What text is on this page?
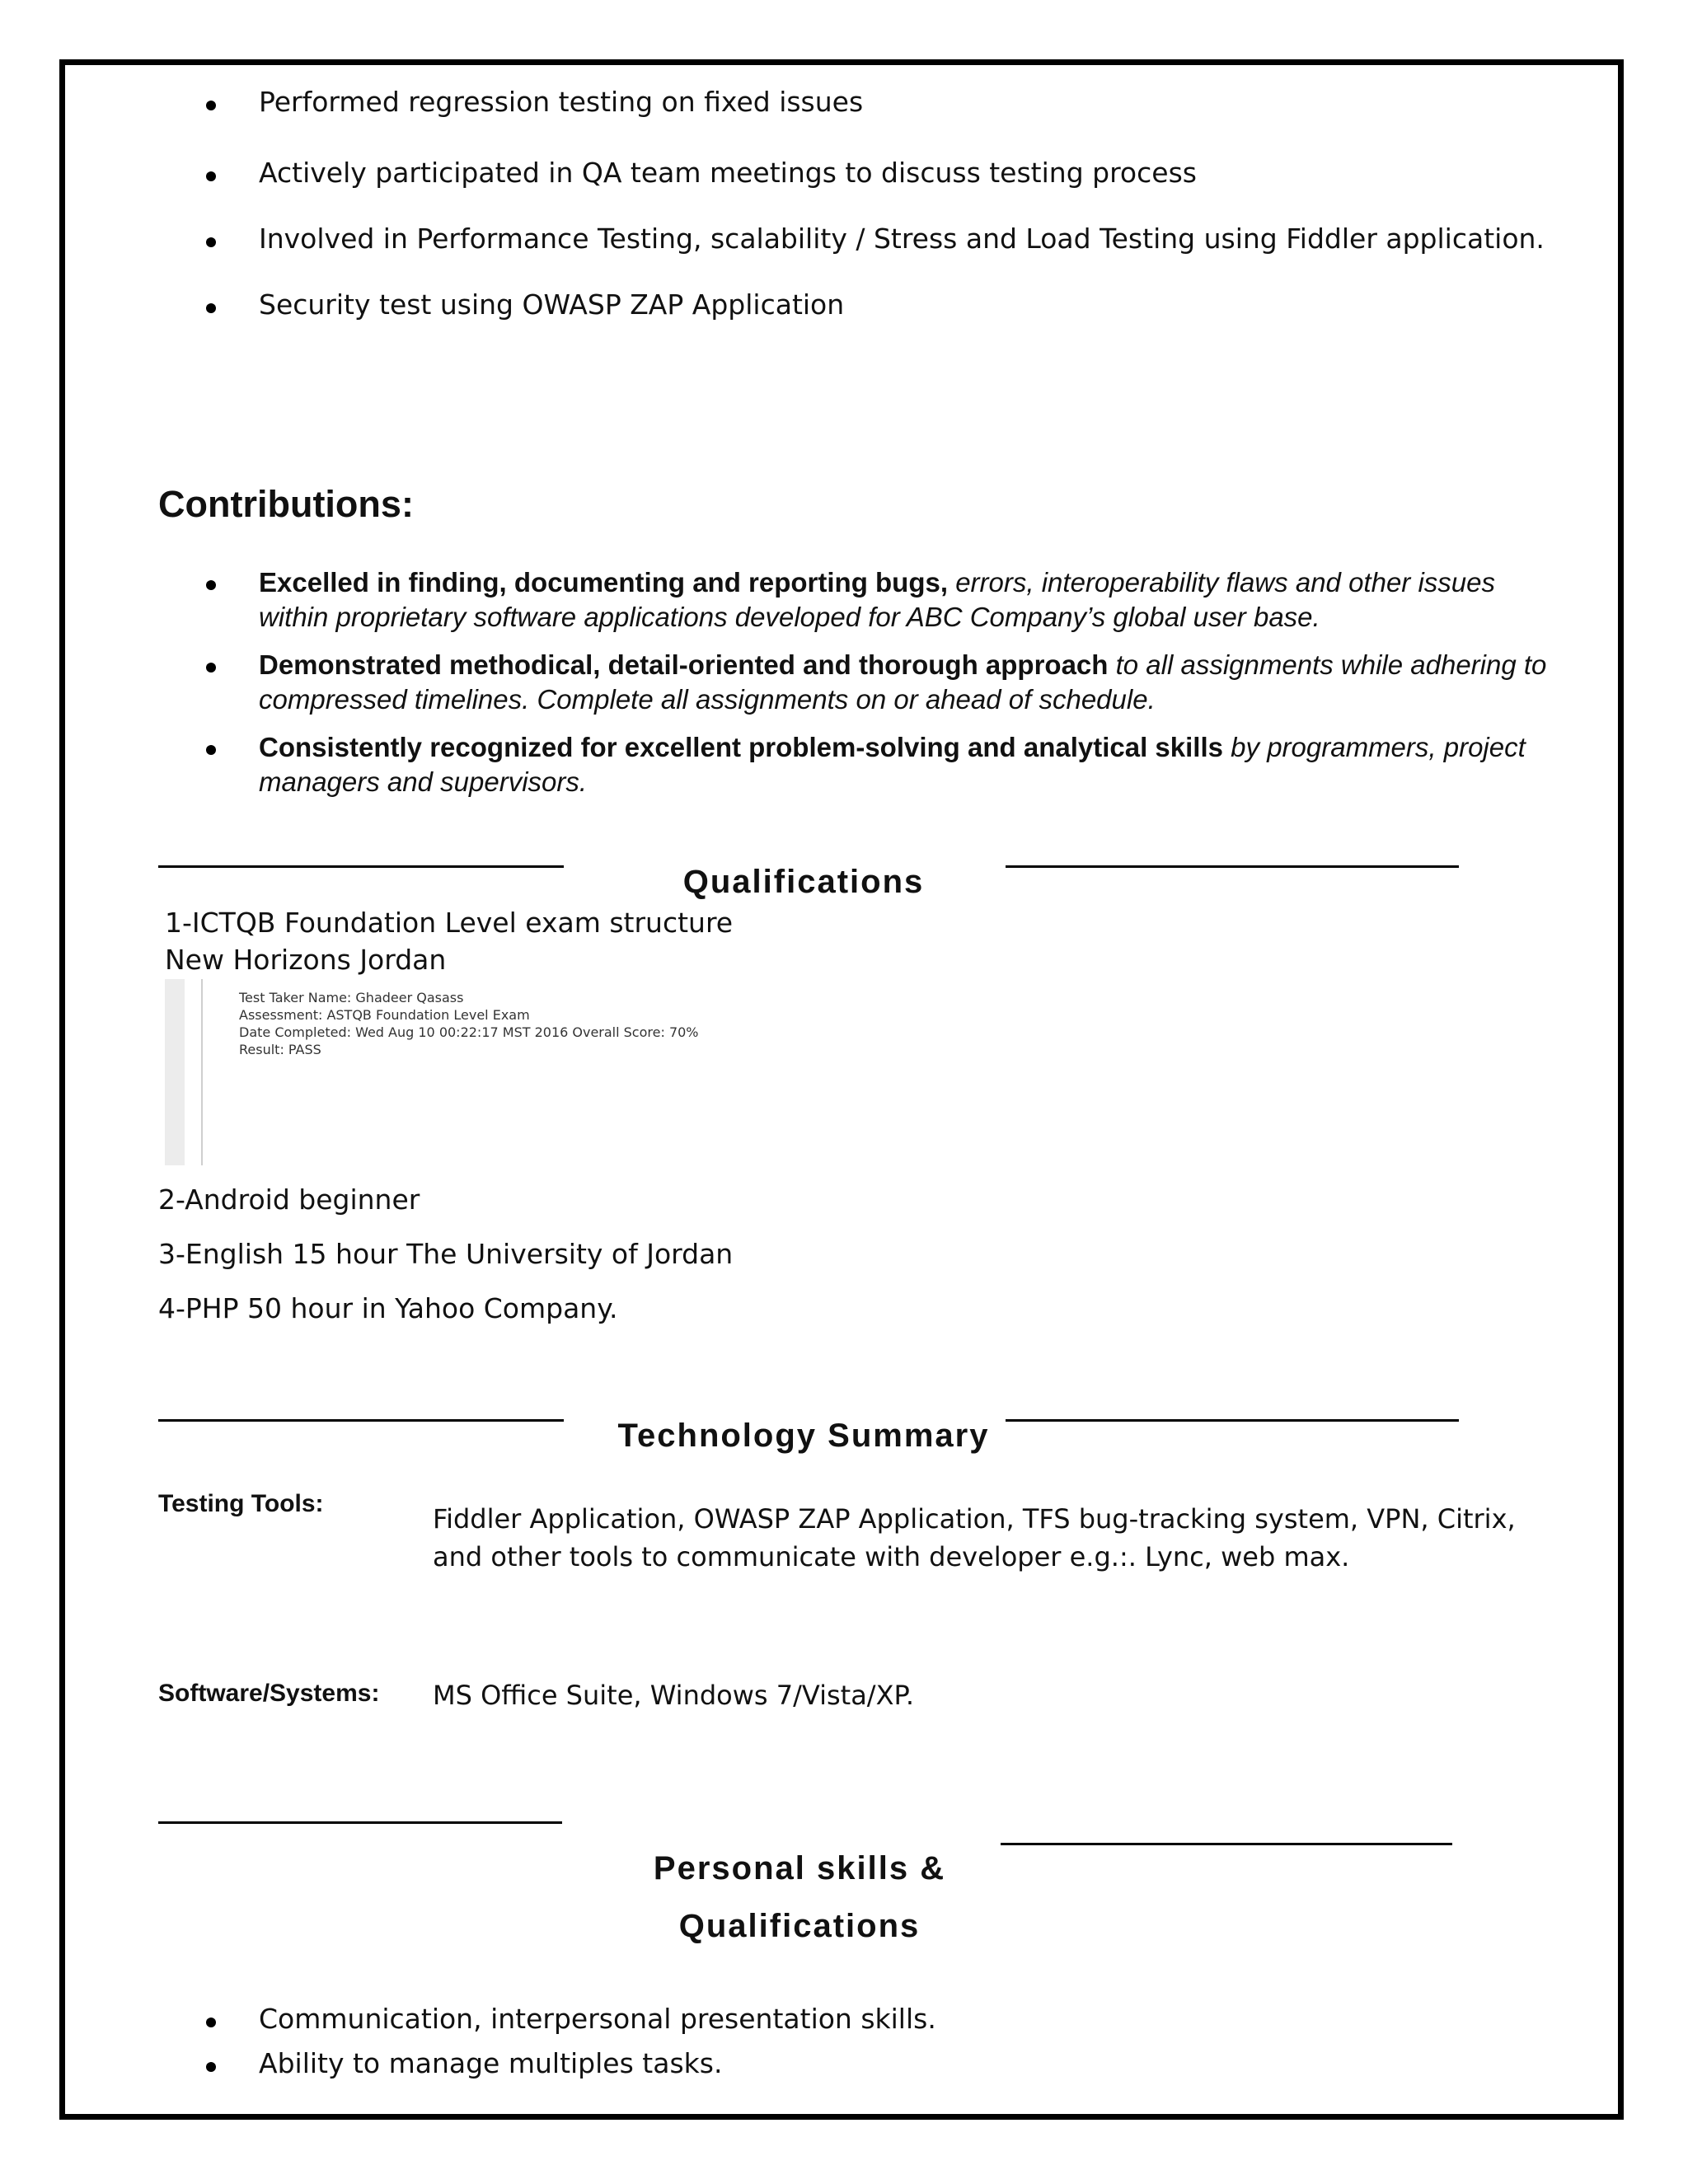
Performed regression testing on fixed issues
Actively participated in QA team meetings to discuss testing process
Involved in Performance Testing, scalability / Stress and Load Testing using Fiddler application.
Security test using OWASP ZAP Application
Contributions:
Excelled in finding, documenting and reporting bugs, errors, interoperability flaws and other issues within proprietary software applications developed for ABC Company’s global user base.
Demonstrated methodical, detail-oriented and thorough approach to all assignments while adhering to compressed timelines. Complete all assignments on or ahead of schedule.
Consistently recognized for excellent problem-solving and analytical skills by programmers, project managers and supervisors.
Qualifications
1-ICTQB Foundation Level exam structure
New Horizons Jordan
Test Taker Name: Ghadeer Qasass
Assessment: ASTQB Foundation Level Exam
Date Completed: Wed Aug 10 00:22:17 MST 2016 Overall Score: 70%
Result: PASS
2-Android beginner
3-English 15 hour The University of Jordan
4-PHP 50 hour in Yahoo Company.
Technology Summary
Testing Tools:	Fiddler Application, OWASP ZAP Application, TFS bug-tracking system, VPN, Citrix,
and other tools to communicate with developer e.g.:. Lync, web max.
Software/Systems: MS Office Suite, Windows 7/Vista/XP.
Personal skills &
Qualifications
Communication, interpersonal presentation skills.
Ability to manage multiples tasks.
